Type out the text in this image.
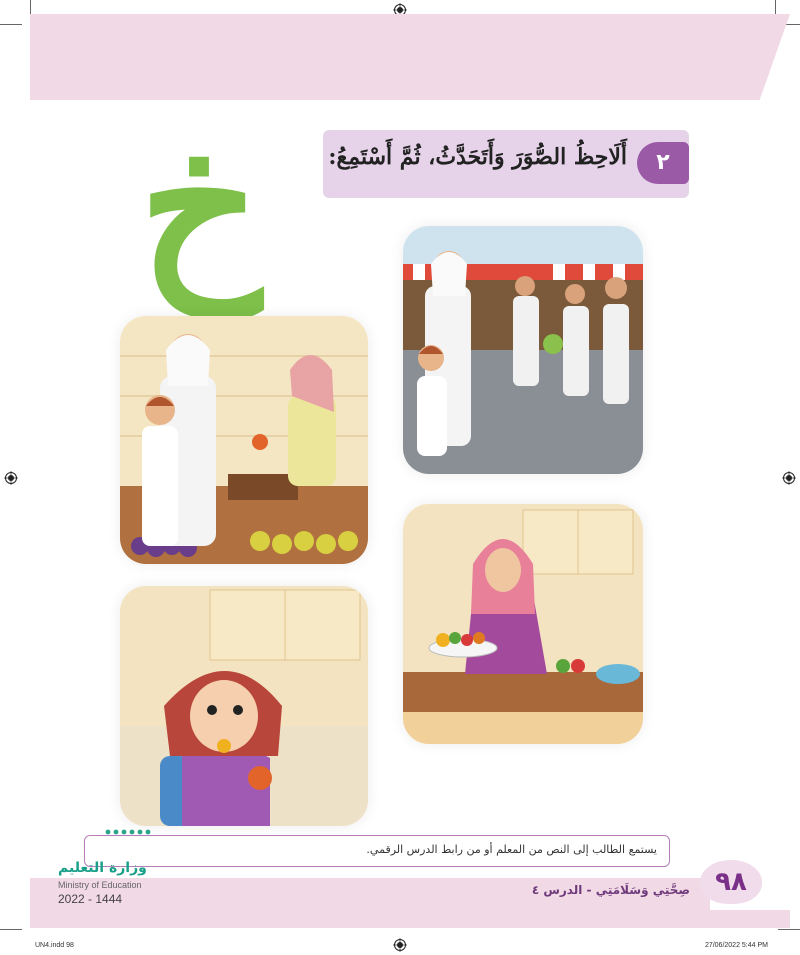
خ	أَلَاحِظُ الصُّوَرَ وَأَتَحَدَّثُ، ثُمَّ أَسْتَمِعُ:	٢
يستمع الطالب إلى النص من المعلم أو من رابط الدرس الرقمي.
صِحَّتِي وَسَلَامَتِي - الدرس ٤ ٩٨
وزارة التعليم
Ministry of Education
2022 - 1444
UN4.indd 98	27/06/2022 5:44 PM
